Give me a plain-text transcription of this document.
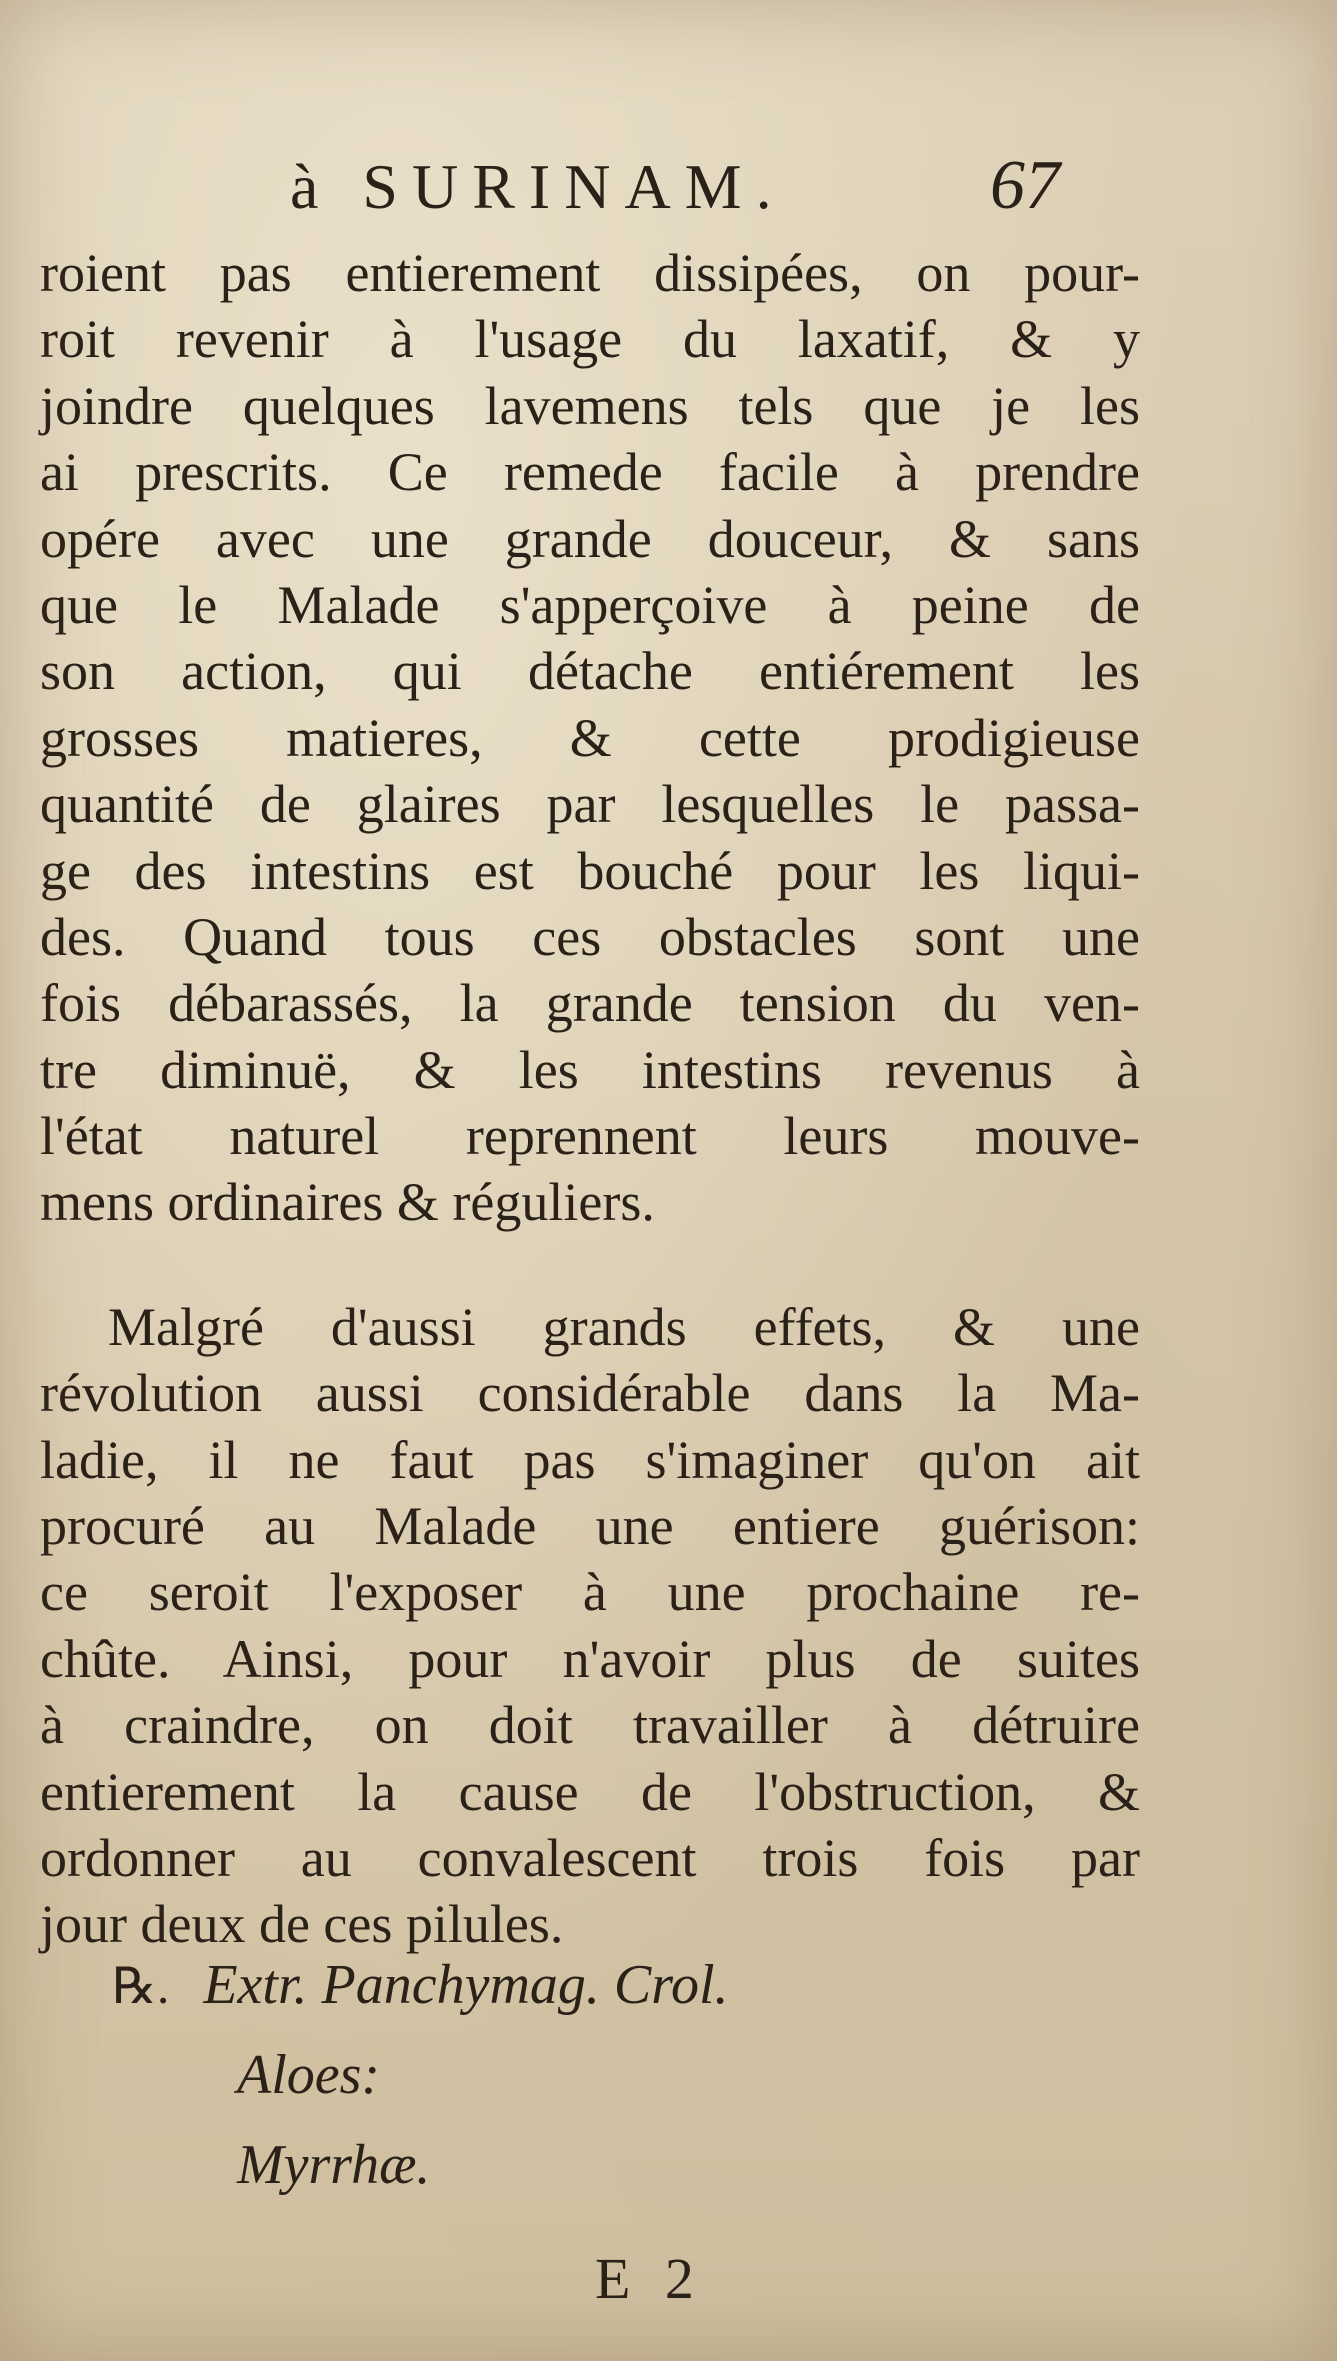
à SURINAM.	67
roient pas entierement dissipées, on pour-
roit revenir à l'usage du laxatif, & y
joindre quelques lavemens tels que je les
ai prescrits. Ce remede facile à prendre
opére avec une grande douceur, & sans
que le Malade s'apperçoive à peine de
son action, qui détache entiérement les
grosses matieres, & cette prodigieuse
quantité de glaires par lesquelles le passa-
ge des intestins est bouché pour les liqui-
des. Quand tous ces obstacles sont une
fois débarassés, la grande tension du ven-
tre diminuë, & les intestins revenus à
l'état naturel reprennent leurs mouve-
mens ordinaires & réguliers.
Malgré d'aussi grands effets, & une
révolution aussi considérable dans la Ma-
ladie, il ne faut pas s'imaginer qu'on ait
procuré au Malade une entiere guérison:
ce seroit l'exposer à une prochaine re-
chûte. Ainsi, pour n'avoir plus de suites
à craindre, on doit travailler à détruire
entierement la cause de l'obstruction, &
ordonner au convalescent trois fois par
jour deux de ces pilules.
℞. Extr. Panchymag. Crol.
Aloes:
Myrrhæ.
E 2
